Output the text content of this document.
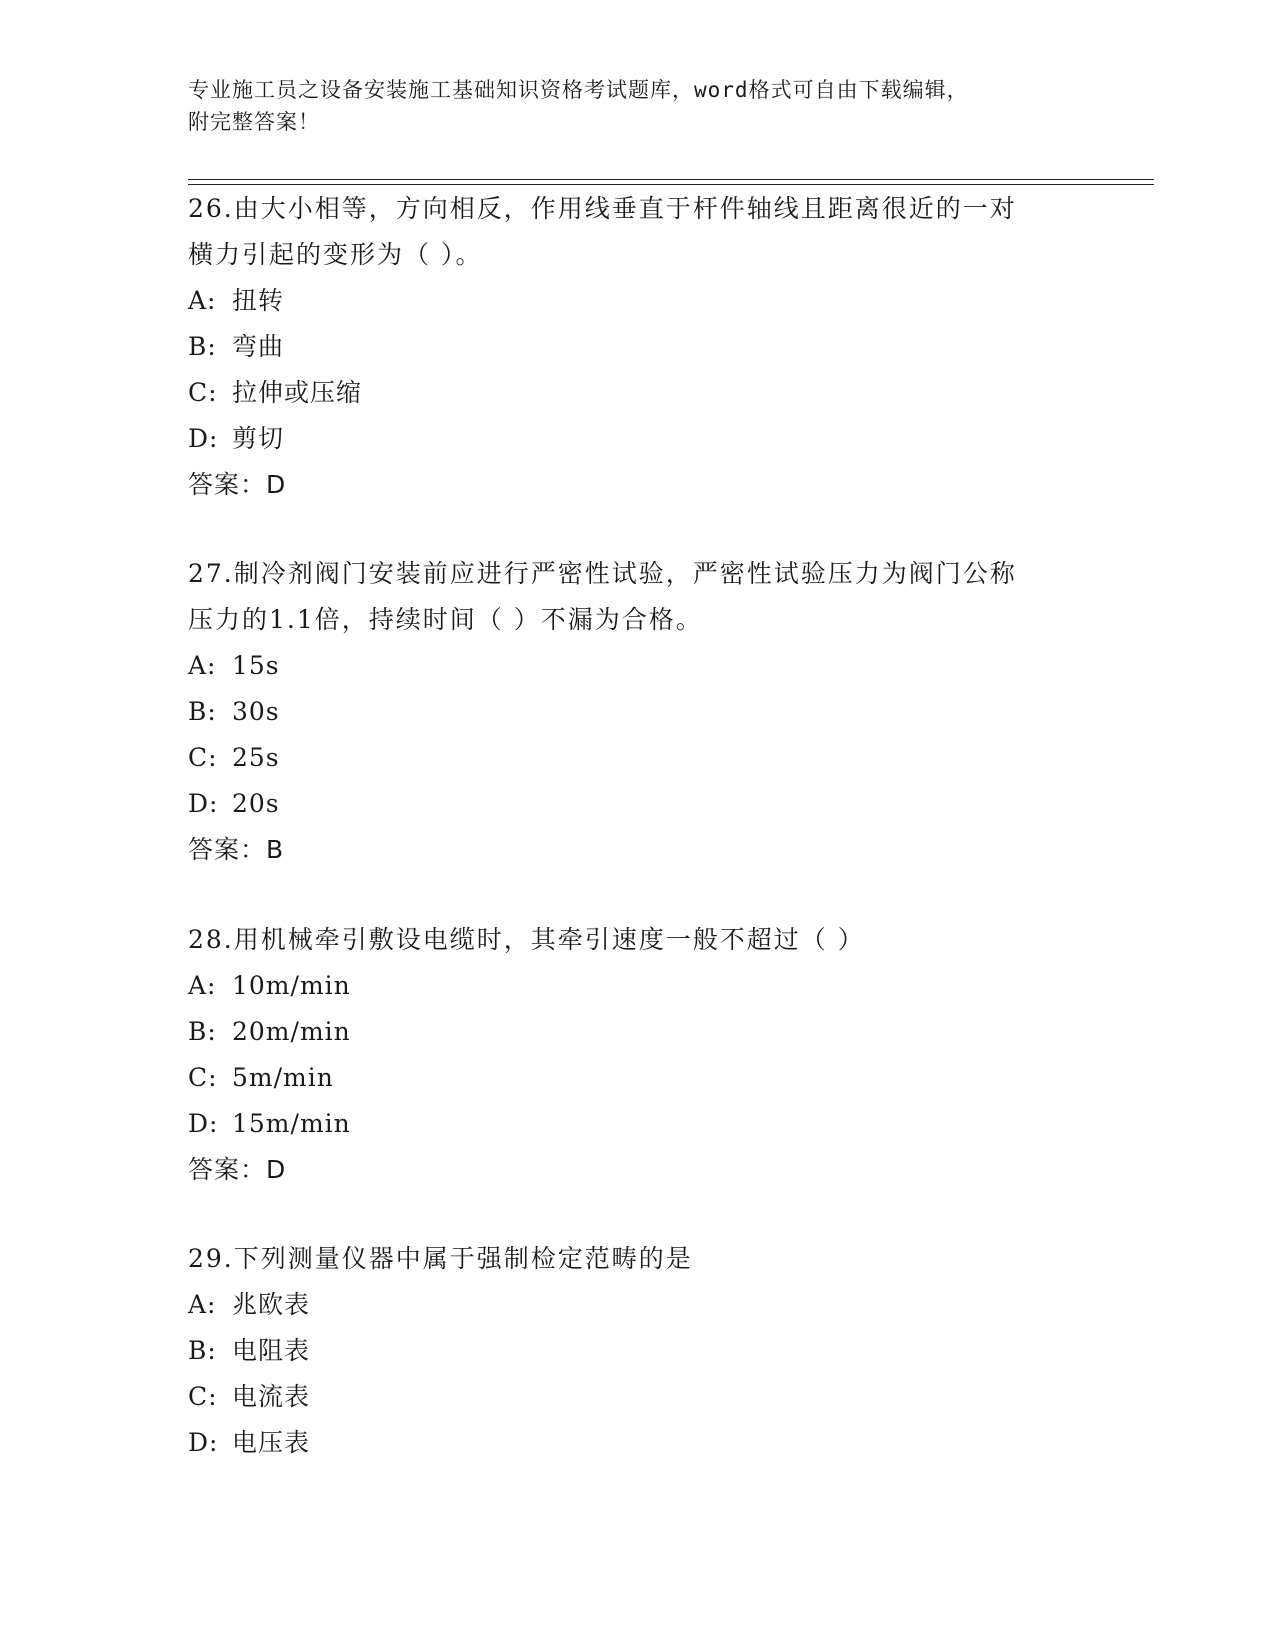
专业施工员之设备安装施工基础知识资格考试题库，word格式可自由下载编辑，
附完整答案！

26.由大小相等，方向相反，作用线垂直于杆件轴线且距离很近的一对

横力引起的变形为（ ）。

A: 扭转

B: 弯曲

C: 拉伸或压缩

D: 剪切

答案：D

27.制冷剂阀门安装前应进行严密性试验，严密性试验压力为阀门公称

压力的1.1倍，持续时间（ ）不漏为合格。

A: 15s

B: 30s

C: 25s

D: 20s

答案：B

28.用机械牵引敷设电缆时，其牵引速度一般不超过（ ）

A: 10m/min

B: 20m/min

C: 5m/min

D: 15m/min

答案：D

29.下列测量仪器中属于强制检定范畴的是

A: 兆欧表

B: 电阻表

C: 电流表

D: 电压表
